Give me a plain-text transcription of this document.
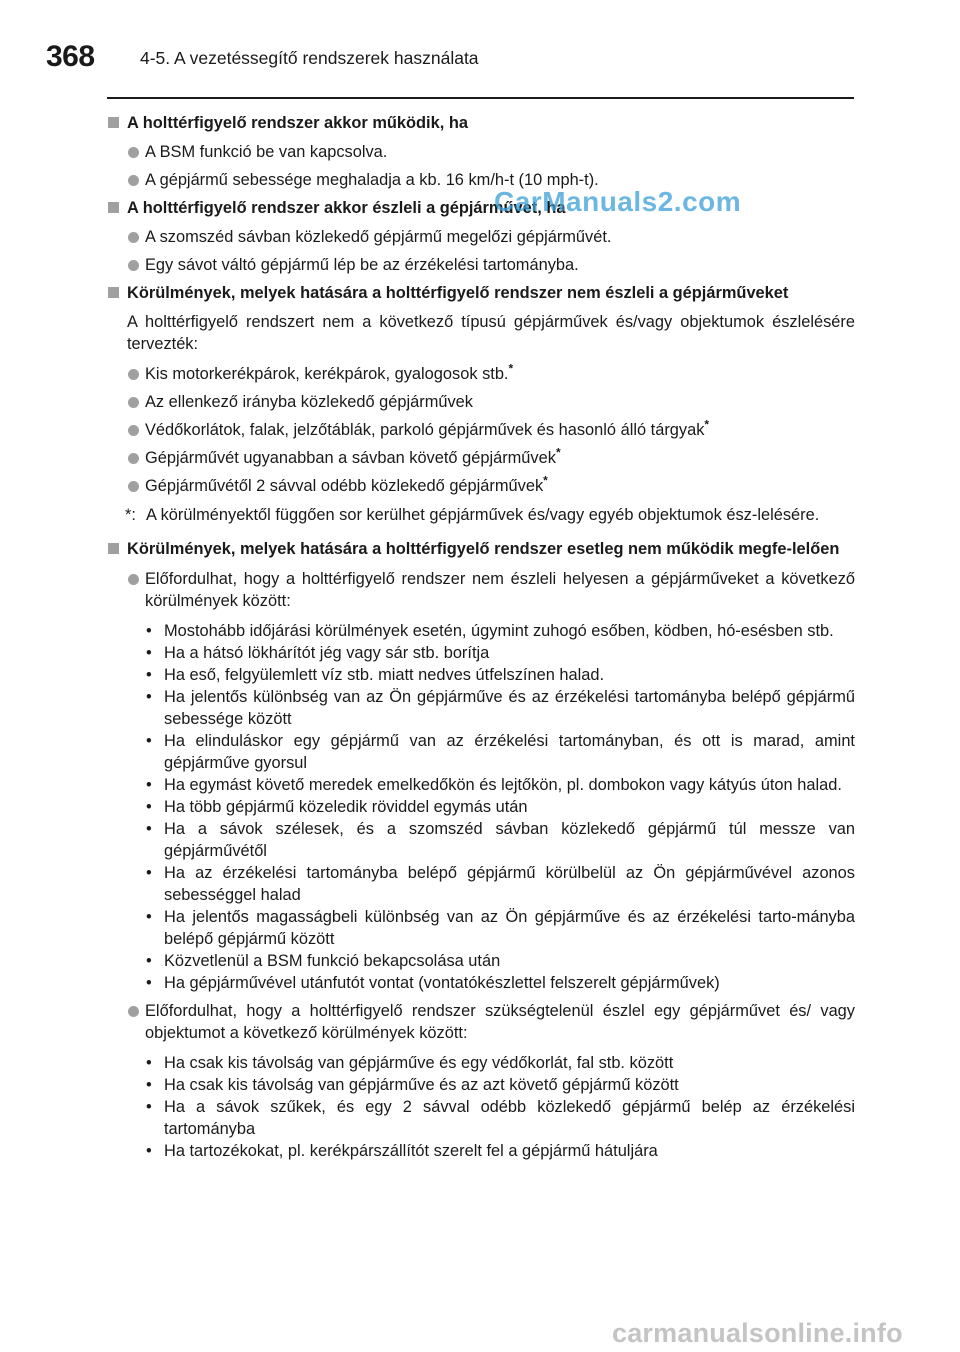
368	4-5. A vezetéssegítő rendszerek használata
A holttérfigyelő rendszer akkor működik, ha
A BSM funkció be van kapcsolva.
A gépjármű sebessége meghaladja a kb. 16 km/h-t (10 mph-t).
A holttérfigyelő rendszer akkor észleli a gépjárművet, ha
A szomszéd sávban közlekedő gépjármű megelőzi gépjárművét.
Egy sávot váltó gépjármű lép be az érzékelési tartományba.
Körülmények, melyek hatására a holttérfigyelő rendszer nem észleli a gépjárműveket
A holttérfigyelő rendszert nem a következő típusú gépjárművek és/vagy objektumok észlelésére tervezték:
Kis motorkerékpárok, kerékpárok, gyalogosok stb.*
Az ellenkező irányba közlekedő gépjárművek
Védőkorlátok, falak, jelzőtáblák, parkoló gépjárművek és hasonló álló tárgyak*
Gépjárművét ugyanabban a sávban követő gépjárművek*
Gépjárművétől 2 sávval odébb közlekedő gépjárművek*
*: A körülményektől függően sor kerülhet gépjárművek és/vagy egyéb objektumok ész-lelésére.
Körülmények, melyek hatására a holttérfigyelő rendszer esetleg nem működik megfe-lelően
Előfordulhat, hogy a holttérfigyelő rendszer nem észleli helyesen a gépjárműveket a következő körülmények között:
• Mostohább időjárási körülmények esetén, úgymint zuhogó esőben, ködben, hó-esésben stb.
• Ha a hátsó lökhárítót jég vagy sár stb. borítja
• Ha eső, felgyülemlett víz stb. miatt nedves útfelszínen halad.
• Ha jelentős különbség van az Ön gépjárműve és az érzékelési tartományba belépő gépjármű sebessége között
• Ha elinduláskor egy gépjármű van az érzékelési tartományban, és ott is marad, amint gépjárműve gyorsul
• Ha egymást követő meredek emelkedőkön és lejtőkön, pl. dombokon vagy kátyús úton halad.
• Ha több gépjármű közeledik röviddel egymás után
• Ha a sávok szélesek, és a szomszéd sávban közlekedő gépjármű túl messze van gépjárművétől
• Ha az érzékelési tartományba belépő gépjármű körülbelül az Ön gépjárművével azonos sebességgel halad
• Ha jelentős magasságbeli különbség van az Ön gépjárműve és az érzékelési tarto-mányba belépő gépjármű között
• Közvetlenül a BSM funkció bekapcsolása után
• Ha gépjárművével utánfutót vontat (vontatókészlettel felszerelt gépjárművek)
Előfordulhat, hogy a holttérfigyelő rendszer szükségtelenül észlel egy gépjárművet és/ vagy objektumot a következő körülmények között:
• Ha csak kis távolság van gépjárműve és egy védőkorlát, fal stb. között
• Ha csak kis távolság van gépjárműve és az azt követő gépjármű között
• Ha a sávok szűkek, és egy 2 sávval odébb közlekedő gépjármű belép az érzékelési tartományba
• Ha tartozékokat, pl. kerékpárszállítót szerelt fel a gépjármű hátuljára
CarManuals2.com
carmanualsonline.info
